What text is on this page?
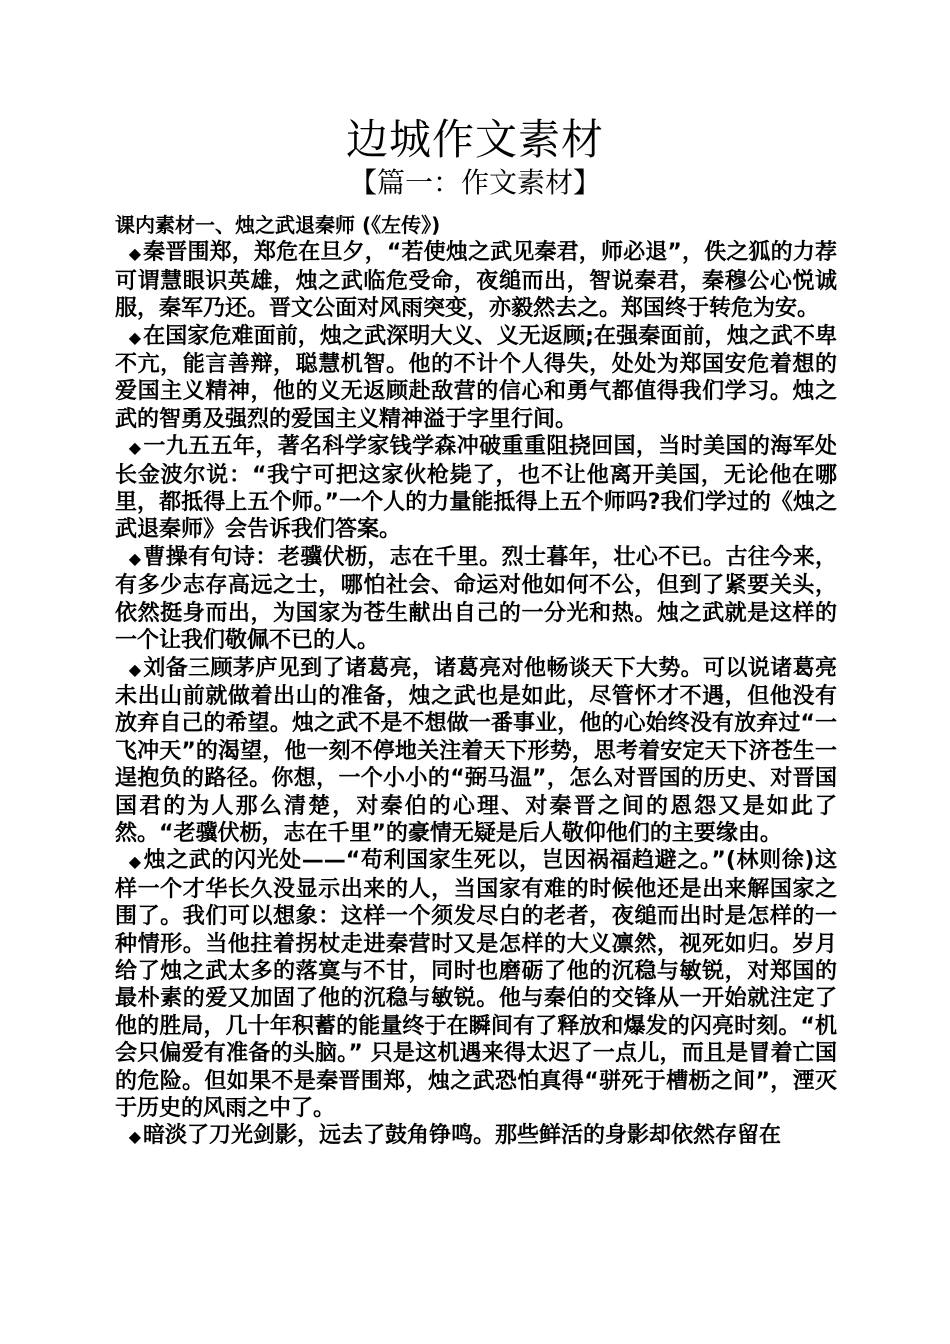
边城作文素材
【篇一：作文素材】

课内素材一、烛之武退秦师 (《左传》)

◆秦晋围郑，郑危在旦夕，“若使烛之武见秦君，师必退”，佚之狐的力荐可谓慧眼识英雄，烛之武临危受命，夜缒而出，智说秦君，秦穆公心悦诚服，秦军乃还。晋文公面对风雨突变，亦毅然去之。郑国终于转危为安。

◆在国家危难面前，烛之武深明大义、义无返顾;在强秦面前，烛之武不卑不亢，能言善辩，聪慧机智。他的不计个人得失，处处为郑国安危着想的爱国主义精神，他的义无返顾赴敌营的信心和勇气都值得我们学习。烛之武的智勇及强烈的爱国主义精神溢于字里行间。

◆一九五五年，著名科学家钱学森冲破重重阻挠回国，当时美国的海军处长金波尔说：“我宁可把这家伙枪毙了，也不让他离开美国，无论他在哪里，都抵得上五个师。”一个人的力量能抵得上五个师吗?我们学过的《烛之武退秦师》会告诉我们答案。

◆曹操有句诗：老骥伏枥，志在千里。烈士暮年，壮心不已。古往今来，有多少志存高远之士，哪怕社会、命运对他如何不公，但到了紧要关头，依然挺身而出，为国家为苍生献出自己的一分光和热。烛之武就是这样的一个让我们敬佩不已的人。

◆刘备三顾茅庐见到了诸葛亮，诸葛亮对他畅谈天下大势。可以说诸葛亮未出山前就做着出山的准备，烛之武也是如此，尽管怀才不遇，但他没有放弃自己的希望。烛之武不是不想做一番事业，他的心始终没有放弃过“一飞冲天”的渴望，他一刻不停地关注着天下形势，思考着安定天下济苍生一逞抱负的路径。你想，一个小小的“弼马温”，怎么对晋国的历史、对晋国国君的为人那么清楚，对秦伯的心理、对秦晋之间的恩怨又是如此了然。“老骥伏枥，志在千里”的豪情无疑是后人敬仰他们的主要缘由。

◆烛之武的闪光处——“苟利国家生死以，岂因祸福趋避之。”(林则徐)这样一个才华长久没显示出来的人，当国家有难的时候他还是出来解国家之围了。我们可以想象：这样一个须发尽白的老者，夜缒而出时是怎样的一种情形。当他拄着拐杖走进秦营时又是怎样的大义凛然，视死如归。岁月给了烛之武太多的落寞与不甘，同时也磨砺了他的沉稳与敏锐，对郑国的最朴素的爱又加固了他的沉稳与敏锐。他与秦伯的交锋从一开始就注定了他的胜局，几十年积蓄的能量终于在瞬间有了释放和爆发的闪亮时刻。“机会只偏爱有准备的头脑。” 只是这机遇来得太迟了一点儿，而且是冒着亡国的危险。但如果不是秦晋围郑，烛之武恐怕真得“骈死于槽枥之间”，湮灭于历史的风雨之中了。

◆暗淡了刀光剑影，远去了鼓角铮鸣。那些鲜活的身影却依然存留在
